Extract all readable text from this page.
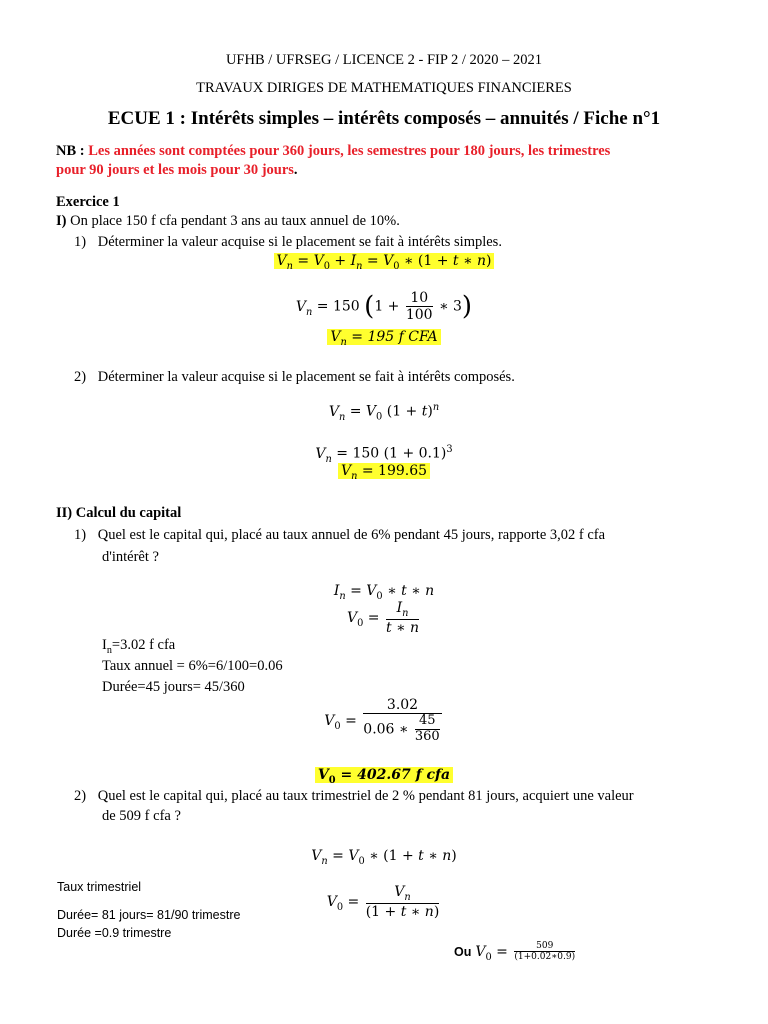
UFHB / UFRSEG / LICENCE 2 - FIP 2 / 2020 – 2021
TRAVAUX DIRIGES DE MATHEMATIQUES FINANCIERES
ECUE 1 : Intérêts simples – intérêts composés – annuités / Fiche n°1
NB : Les années sont comptées pour 360 jours, les semestres pour 180 jours, les trimestres
pour 90 jours et les mois pour 30 jours.
Exercice 1
I) On place 150 f cfa pendant 3 ans au taux annuel de 10%.
1) Déterminer la valeur acquise si le placement se fait à intérêts simples.
$V_n = V_0 + I_n = V_0$ ∗ (1 + t ∗ n)
$V_n = 150$ ($1 + \frac{10}{100}$ ∗ 3)
$V_n = 195$ f CFA
2) Déterminer la valeur acquise si le placement se fait à intérêts composés.
$V_n = V_0$ $(1 + t)^n$
$V_n = 150$ $(1 + 0.1)^3$
$V_n = 199.65$
II) Calcul du capital
1) Quel est le capital qui, placé au taux annuel de 6% pendant 45 jours, rapporte 3,02 f cfa
d'intérêt ?
$I_n = V_0$ ∗ t ∗ n
$V_0 = \frac{I_n}{t ∗ n}$
$I_n=3.02$ f cfa
Taux annuel = 6%=6/100=0.06
Durée=45 jours= 45/360
$V_0 = \frac{3.02}{0.06 ∗ \frac{45}{360}}$
$V_0 = 402.67$ f cfa
2) Quel est le capital qui, placé au taux trimestriel de 2 % pendant 81 jours, acquiert une valeur
de 509 f cfa ?
$V_n = V_0$ ∗ (1 + t ∗ n)
Taux trimestriel
$V_0 = \frac{V_n}{(1 + t ∗ n)}$
Durée= 81 jours= 81/90 trimestre
Durée =0.9 trimestre
Ou $V_0 = \frac{509}{(1+0.02∗0.9)}$
